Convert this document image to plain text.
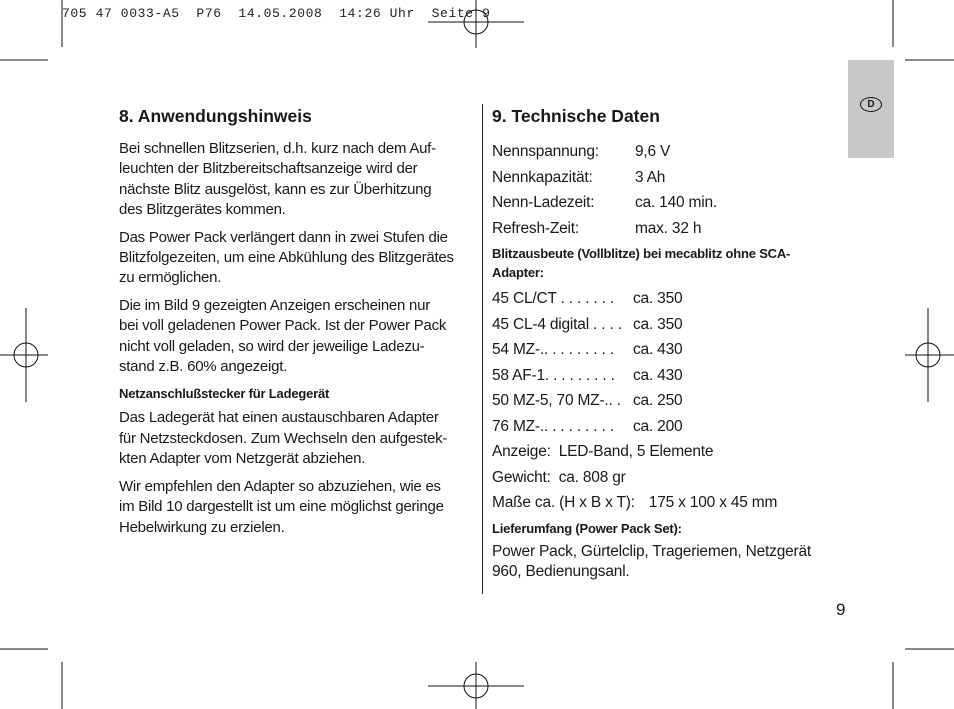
705 47 0033-A5  P76  14.05.2008  14:26 Uhr  Seite 9
D
8. Anwendungshinweis

Bei schnellen Blitzserien, d.h. kurz nach dem Auf-
leuchten der Blitzbereitschaftsanzeige wird der
nächste Blitz ausgelöst, kann es zur Überhitzung
des Blitzgerätes kommen.

Das Power Pack verlängert dann in zwei Stufen die
Blitzfolgezeiten, um eine Abkühlung des Blitzgerätes
zu ermöglichen.

Die im Bild 9 gezeigten Anzeigen erscheinen nur
bei voll geladenen Power Pack. Ist der Power Pack
nicht voll geladen, so wird der jeweilige Ladezu-
stand z.B. 60% angezeigt.

Netzanschlußstecker für Ladegerät

Das Ladegerät hat einen austauschbaren Adapter
für Netzsteckdosen. Zum Wechseln den aufgestek-
kten Adapter vom Netzgerät abziehen.

Wir empfehlen den Adapter so abzuziehen, wie es
im Bild 10 dargestellt ist um eine möglichst geringe
Hebelwirkung zu erzielen.

9. Technische Daten
Nennspannung: 9,6 V
Nennkapazität:	3 Ah
Nenn-Ladezeit:	ca. 140 min.
Refresh-Zeit:	max. 32 h
Blitzausbeute (Vollblitze) bei mecablitz ohne SCA-Adapter:
45 CL/CT . . . . . . . ca. 350
45 CL-4 digital . . . . ca. 350
54 MZ-.. . . . . . . . . ca. 430
58 AF-1. . . . . . . . . ca. 430
50 MZ-5, 70 MZ-.. . ca. 250
76 MZ-.. . . . . . . . . ca. 200
Anzeige: LED-Band, 5 Elemente
Gewicht: ca. 808 gr
Maße ca. (H x B x T): 175 x 100 x 45 mm
Lieferumfang (Power Pack Set):

Power Pack, Gürtelclip, Trageriemen, Netzgerät 960, Bedienungsanl.

9
